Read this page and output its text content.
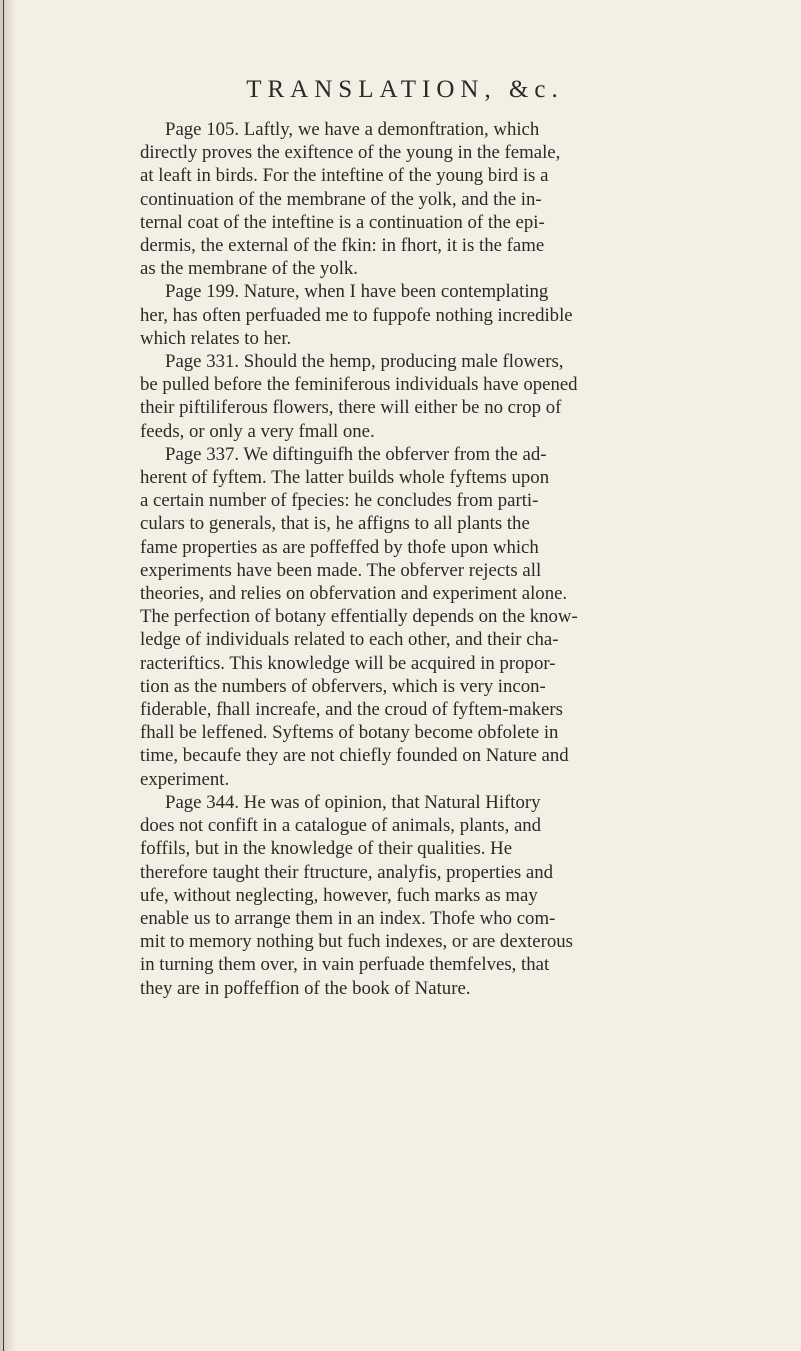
TRANSLATION, &c.
Page 105. Laftly, we have a demonftration, which
directly proves the exiftence of the young in the female,
at leaft in birds. For the inteftine of the young bird is a
continuation of the membrane of the yolk, and the in-
ternal coat of the inteftine is a continuation of the epi-
dermis, the external of the fkin: in fhort, it is the fame
as the membrane of the yolk.
Page 199. Nature, when I have been contemplating
her, has often perfuaded me to fuppofe nothing incredible
which relates to her.
Page 331. Should the hemp, producing male flowers,
be pulled before the feminiferous individuals have opened
their piftiliferous flowers, there will either be no crop of
feeds, or only a very fmall one.
Page 337. We diftinguifh the obferver from the ad-
herent of fyftem. The latter builds whole fyftems upon
a certain number of fpecies: he concludes from parti-
culars to generals, that is, he affigns to all plants the
fame properties as are poffeffed by thofe upon which
experiments have been made. The obferver rejects all
theories, and relies on obfervation and experiment alone.
The perfection of botany effentially depends on the know-
ledge of individuals related to each other, and their cha-
racteriftics. This knowledge will be acquired in propor-
tion as the numbers of obfervers, which is very incon-
fiderable, fhall increafe, and the croud of fyftem-makers
fhall be leffened. Syftems of botany become obfolete in
time, becaufe they are not chiefly founded on Nature and
experiment.
Page 344. He was of opinion, that Natural Hiftory
does not confift in a catalogue of animals, plants, and
foffils, but in the knowledge of their qualities. He
therefore taught their ftructure, analyfis, properties and
ufe, without neglecting, however, fuch marks as may
enable us to arrange them in an index. Thofe who com-
mit to memory nothing but fuch indexes, or are dexterous
in turning them over, in vain perfuade themfelves, that
they are in poffeffion of the book of Nature.
